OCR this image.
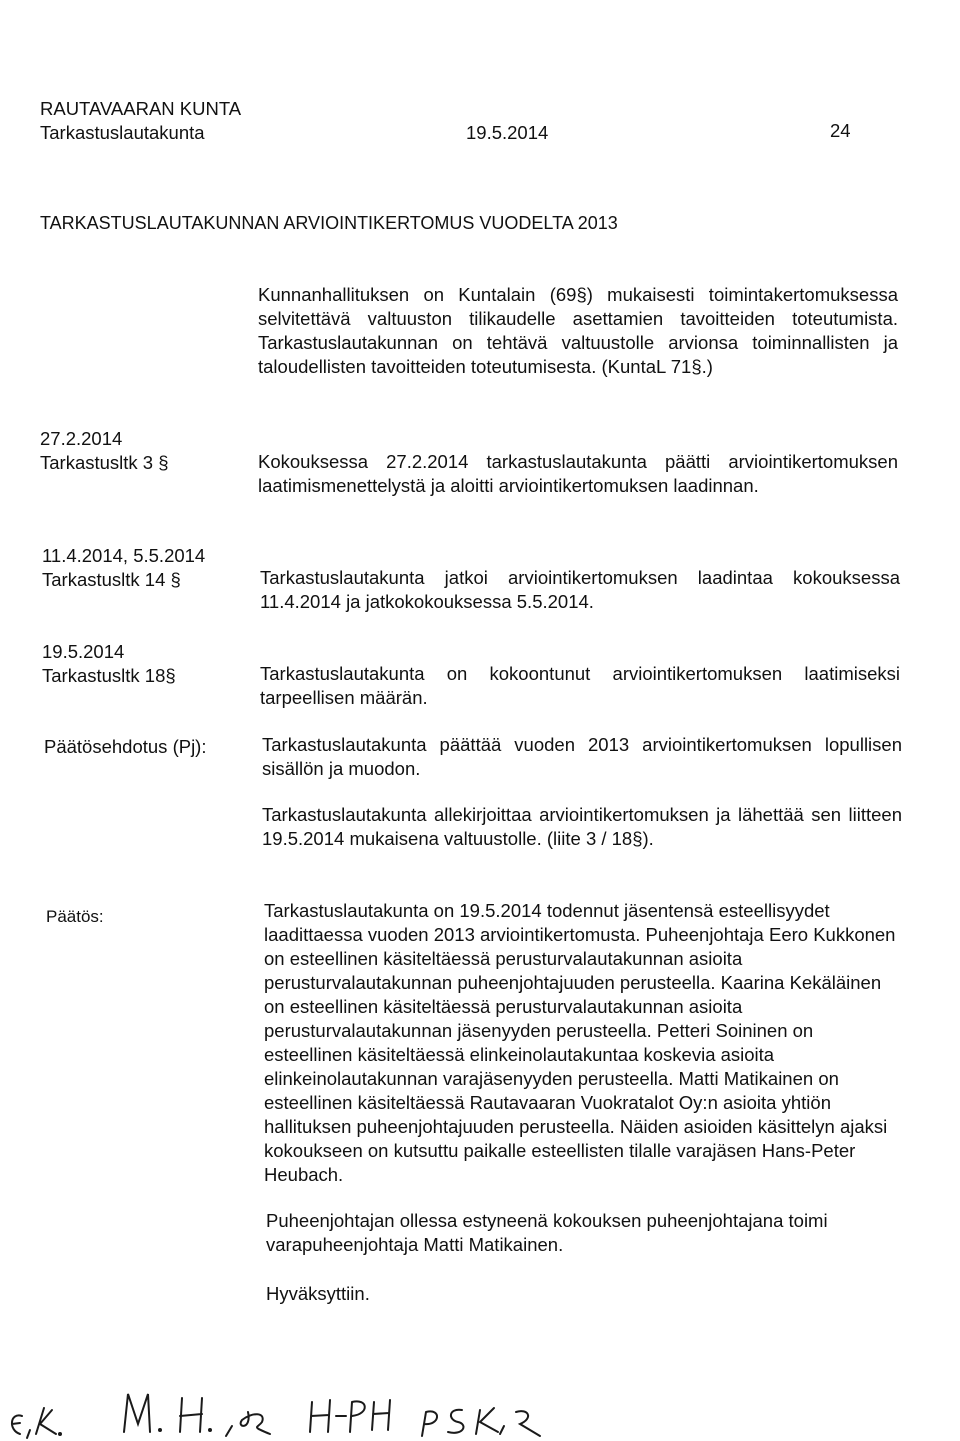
RAUTAVAARAN KUNTA
Tarkastuslautakunta	19.5.2014	24
TARKASTUSLAUTAKUNNAN ARVIOINTIKERTOMUS VUODELTA 2013
Kunnanhallituksen on Kuntalain (69§) mukaisesti toimintakertomuksessa selvitettävä valtuuston tilikaudelle asettamien tavoitteiden toteutumista. Tarkastuslautakunnan on tehtävä valtuustolle arvionsa toiminnallisten ja taloudellisten tavoitteiden toteutumisesta. (KuntaL 71§.)
27.2.2014
Tarkastusltk 3 §	Kokouksessa 27.2.2014 tarkastuslautakunta päätti arviointikertomuksen laatimismenettelystä ja aloitti arviointikertomuksen laadinnan.
11.4.2014, 5.5.2014
Tarkastusltk 14 §	Tarkastuslautakunta jatkoi arviointikertomuksen laadintaa kokouksessa 11.4.2014 ja jatkokokouksessa 5.5.2014.
19.5.2014
Tarkastusltk 18§	Tarkastuslautakunta on kokoontunut arviointikertomuksen laatimiseksi tarpeellisen määrän.
Päätösehdotus (Pj):	Tarkastuslautakunta päättää vuoden 2013 arviointikertomuksen lopullisen sisällön ja muodon.
Tarkastuslautakunta allekirjoittaa arviointikertomuksen ja lähettää sen liitteen 19.5.2014 mukaisena valtuustolle. (liite 3 / 18§).
Päätös:	Tarkastuslautakunta on 19.5.2014 todennut jäsentensä esteellisyydet laadittaessa vuoden 2013 arviointikertomusta. Puheenjohtaja Eero Kukkonen on esteellinen käsiteltäessä perusturvalautakunnan asioita perusturvalautakunnan puheenjohtajuuden perusteella. Kaarina Kekäläinen on esteellinen käsiteltäessä perusturvalautakunnan asioita perusturvalautakunnan jäsenyyden perusteella. Petteri Soininen on esteellinen käsiteltäessä elinkeinolautakuntaa koskevia asioita elinkeinolautakunnan varajäsenyyden perusteella. Matti Matikainen on esteellinen käsiteltäessä Rautavaaran Vuokratalot Oy:n asioita yhtiön hallituksen puheenjohtajuuden perusteella. Näiden asioiden käsittelyn ajaksi kokoukseen on kutsuttu paikalle esteellisten tilalle varajäsen Hans-Peter Heubach.
Puheenjohtajan ollessa estyneenä kokouksen puheenjohtajana toimi varapuheenjohtaja Matti Matikainen.
Hyväksyttiin.
